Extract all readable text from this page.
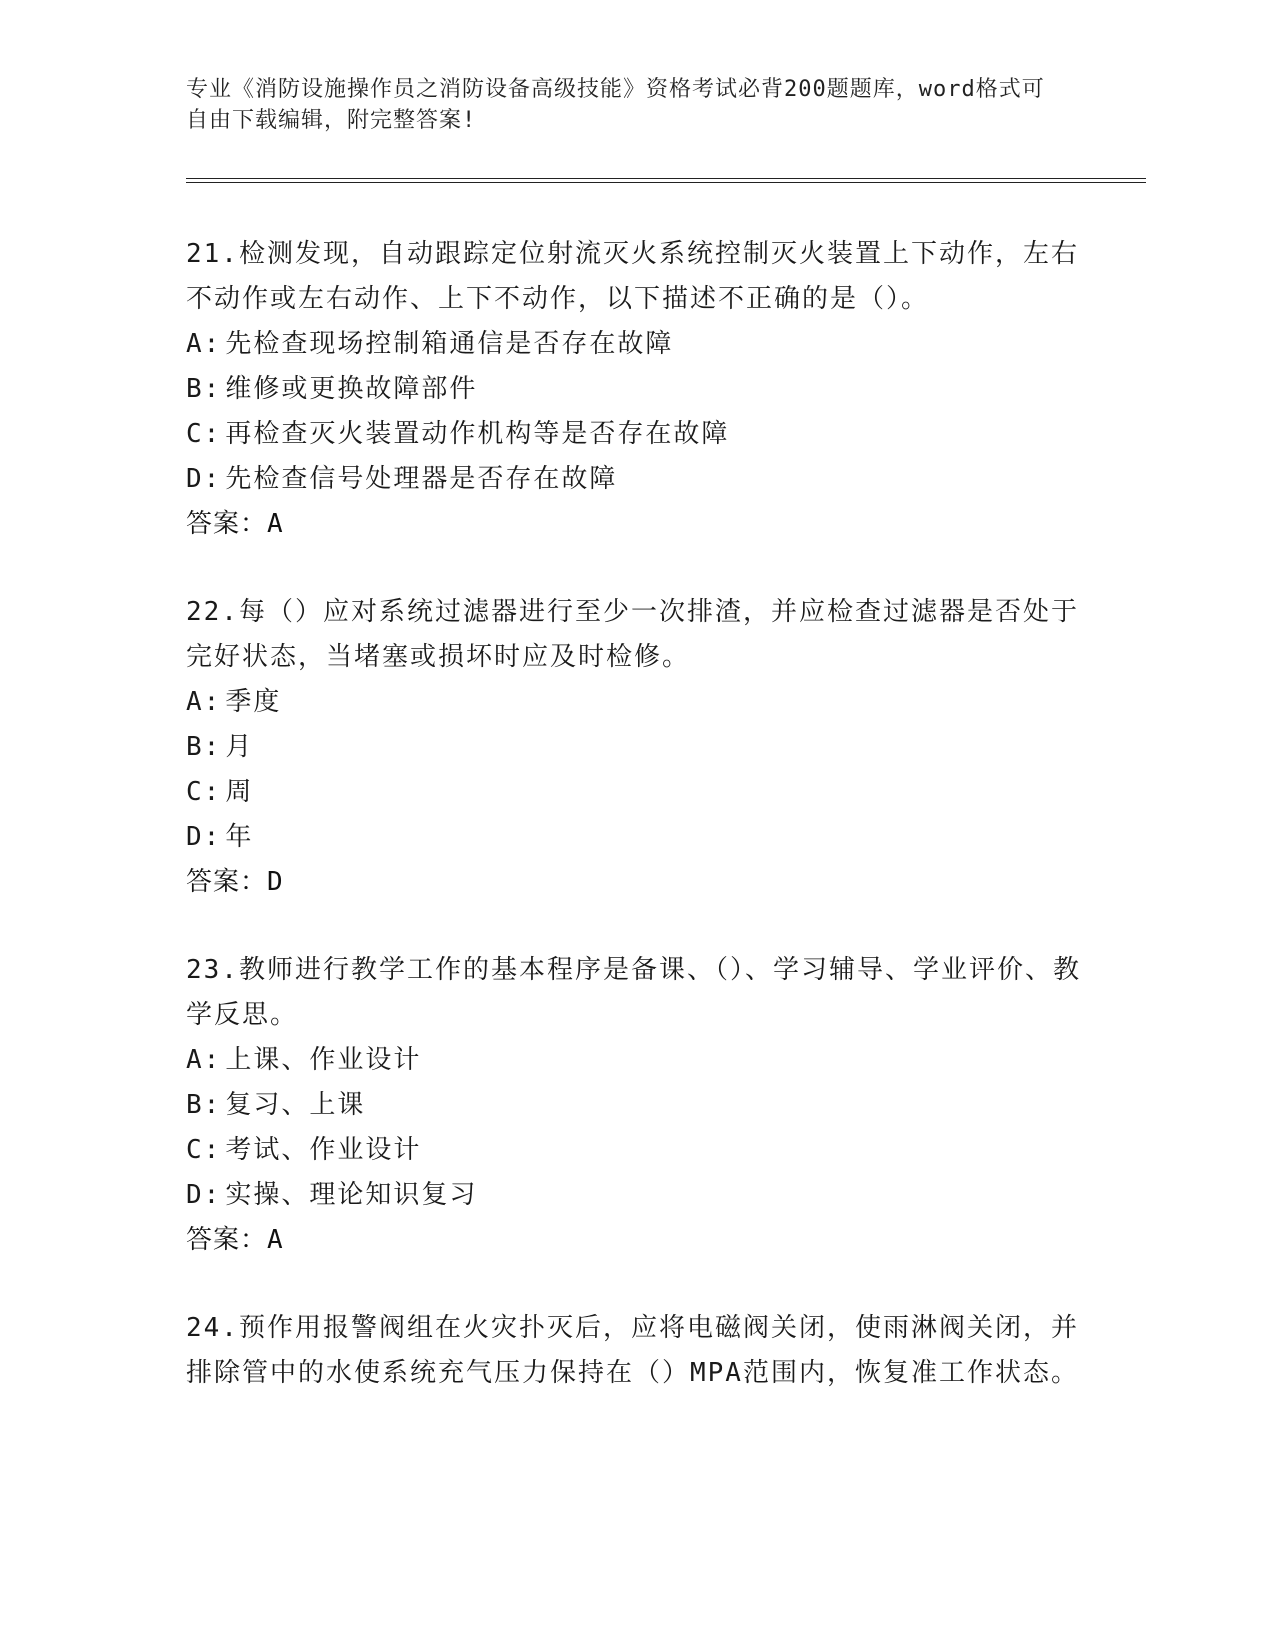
专业《消防设施操作员之消防设备高级技能》资格考试必背200题题库，word格式可自由下载编辑，附完整答案!
21.检测发现，自动跟踪定位射流灭火系统控制灭火装置上下动作，左右不动作或左右动作、上下不动作，以下描述不正确的是（）。
A: 先检查现场控制箱通信是否存在故障
B: 维修或更换故障部件
C: 再检查灭火装置动作机构等是否存在故障
D: 先检查信号处理器是否存在故障
答案：A
22.每（）应对系统过滤器进行至少一次排渣，并应检查过滤器是否处于完好状态，当堵塞或损坏时应及时检修。
A: 季度
B: 月
C: 周
D: 年
答案：D
23.教师进行教学工作的基本程序是备课、（）、学习辅导、学业评价、教学反思。
A: 上课、作业设计
B: 复习、上课
C: 考试、作业设计
D: 实操、理论知识复习
答案：A
24.预作用报警阀组在火灾扑灭后，应将电磁阀关闭，使雨淋阀关闭，并排除管中的水使系统充气压力保持在（）MPA范围内，恢复准工作状态。
